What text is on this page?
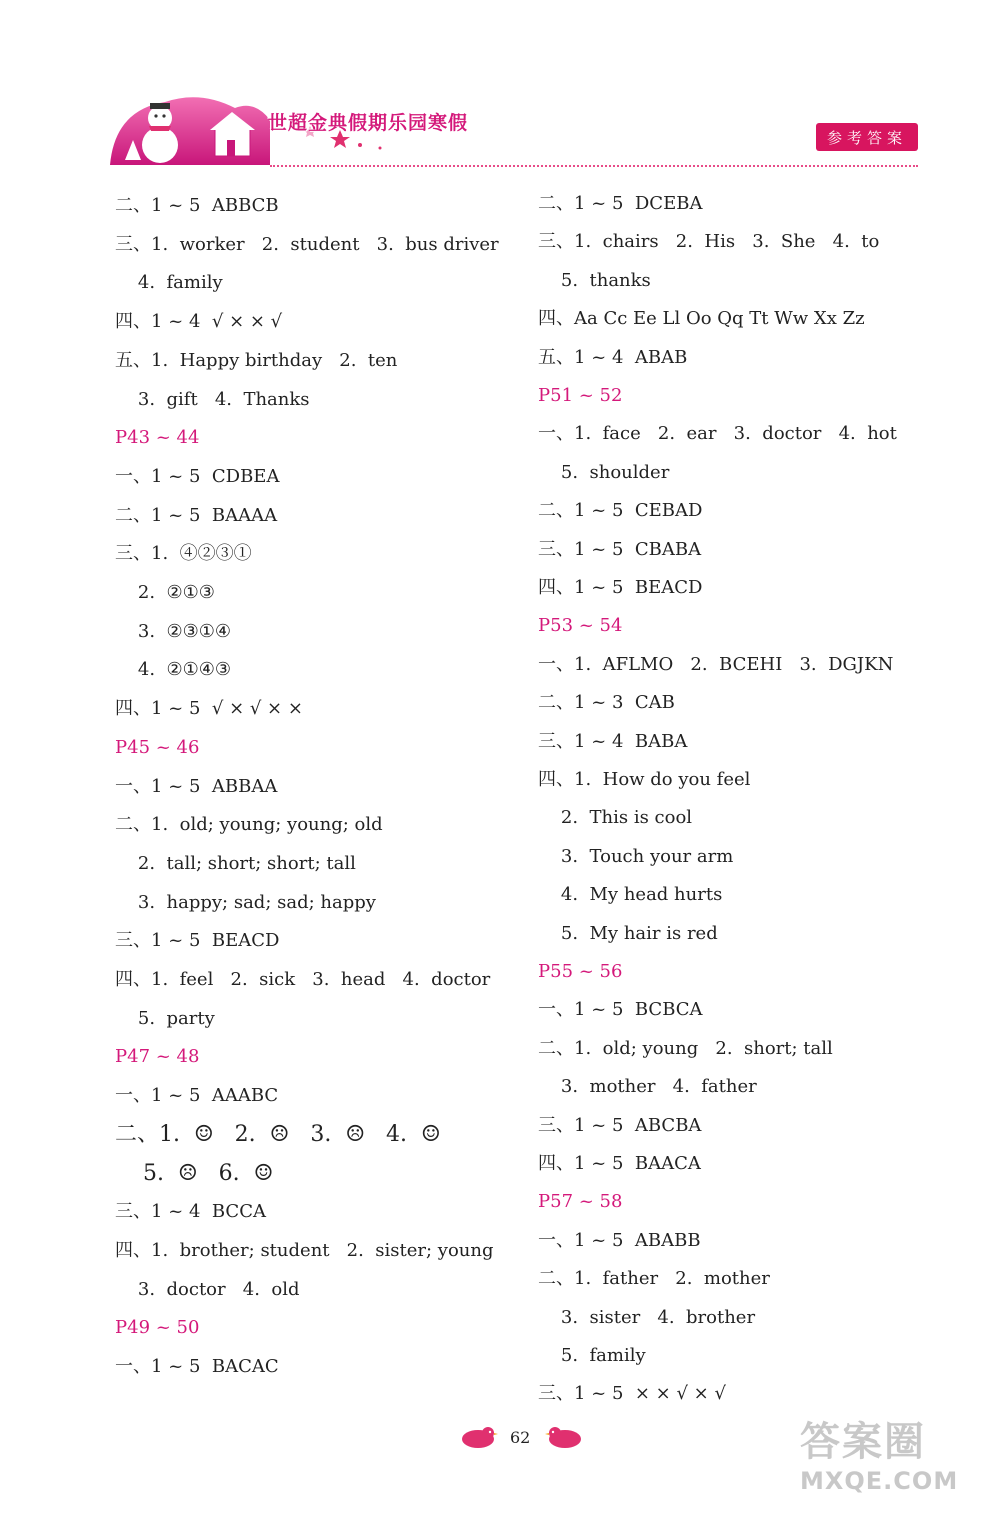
世超金典假期乐园寒假
参考答案
二、1 ~ 5  ABBCB
三、1.  worker   2.  student   3.  bus driver
4.  family
四、1 ~ 4  √ × × √
五、1.  Happy birthday   2.  ten
3.  gift   4.  Thanks
P43 ~ 44
一、1 ~ 5  CDBEA
二、1 ~ 5  BAAAA
三、1.  ④②③①
2.  ②①③
3.  ②③①④
4.  ②①④③
四、1 ~ 5  √ × √ × ×
P45 ~ 46
一、1 ~ 5  ABBAA
二、1.  old; young; young; old
2.  tall; short; short; tall
3.  happy; sad; sad; happy
三、1 ~ 5  BEACD
四、1.  feel   2.  sick   3.  head   4.  doctor
5.  party
P47 ~ 48
一、1 ~ 5  AAABC
二、1.  ☺   2.  ☹   3.  ☹   4.  ☺
5.  ☹   6.  ☺
三、1 ~ 4  BCCA
四、1.  brother; student   2.  sister; young
3.  doctor   4.  old
P49 ~ 50
一、1 ~ 5  BACAC
二、1 ~ 5  DCEBA
三、1.  chairs   2.  His   3.  She   4.  to
5.  thanks
四、Aa Cc Ee Ll Oo Qq Tt Ww Xx Zz
五、1 ~ 4  ABAB
P51 ~ 52
一、1.  face   2.  ear   3.  doctor   4.  hot
5.  shoulder
二、1 ~ 5  CEBAD
三、1 ~ 5  CBABA
四、1 ~ 5  BEACD
P53 ~ 54
一、1.  AFLMO   2.  BCEHI   3.  DGJKN
二、1 ~ 3  CAB
三、1 ~ 4  BABA
四、1.  How do you feel
2.  This is cool
3.  Touch your arm
4.  My head hurts
5.  My hair is red
P55 ~ 56
一、1 ~ 5  BCBCA
二、1.  old; young   2.  short; tall
3.  mother   4.  father
三、1 ~ 5  ABCBA
四、1 ~ 5  BAACA
P57 ~ 58
一、1 ~ 5  ABABB
二、1.  father   2.  mother
3.  sister   4.  brother
5.  family
三、1 ~ 5  × × √ × √
62	答案圈
MXQE.COM
